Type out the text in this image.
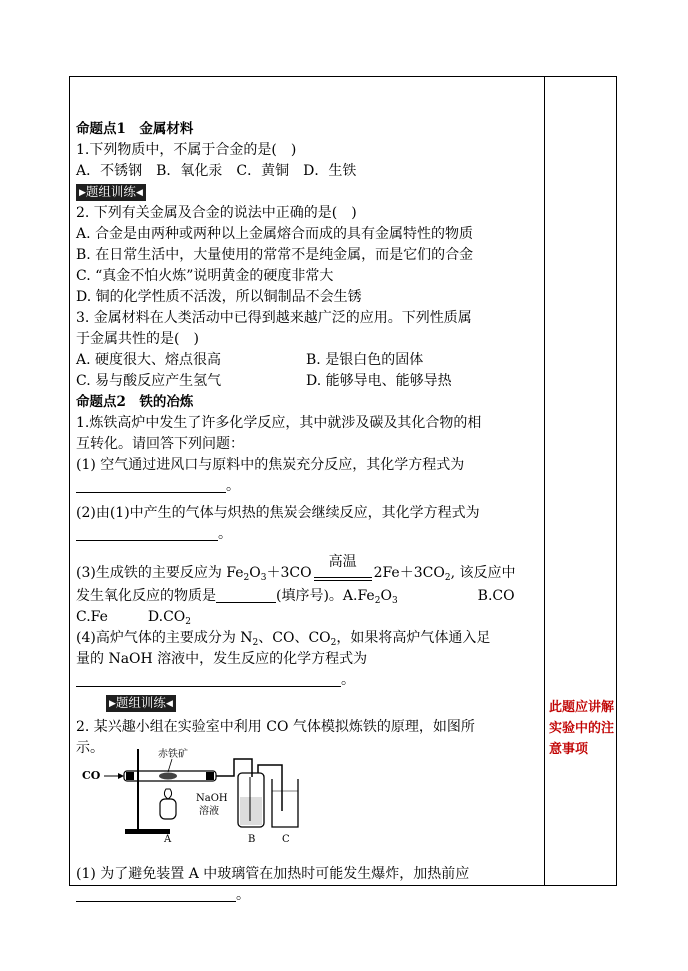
命题点1　金属材料
1.下列物质中，不属于合金的是(　)
A．不锈钢　B．氧化汞　C．黄铜　D．生铁
▶题组训练◀
2. 下列有关金属及合金的说法中正确的是(　)
A. 合金是由两种或两种以上金属熔合而成的具有金属特性的物质
B. 在日常生活中，大量使用的常常不是纯金属，而是它们的合金
C. “真金不怕火炼”说明黄金的硬度非常大
D. 铜的化学性质不活泼，所以铜制品不会生锈
3. 金属材料在人类活动中已得到越来越广泛的应用。下列性质属
于金属共性的是(　)
A. 硬度很大、熔点很高	B. 是银白色的固体
C. 易与酸反应产生氢气	D. 能够导电、能够导热
命题点2　铁的冶炼
1.炼铁高炉中发生了许多化学反应，其中就涉及碳及其化合物的相
互转化。请回答下列问题：
(1) 空气通过进风口与原料中的焦炭充分反应，其化学方程式为
。
(2)由(1)中产生的气体与炽热的焦炭会继续反应，其化学方程式为
。
(3)生成铁的主要反应为 $Fe_2O_3+3CO$
高温
$2Fe+3CO_2$, 该反应中
发生氧化反应的物质是	(填序号)。$A.Fe_2O_3$	B.CO
C.Fe	$D.CO_2$
(4)高炉气体的主要成分为 $N_2$、CO、$CO_2$，如果将高炉气体通入足
量的 NaOH 溶液中，发生反应的化学方程式为
。
▶题组训练◀
2. 某兴趣小组在实验室中利用 CO 气体模拟炼铁的原理，如图所
示。
(1) 为了避免装置 A 中玻璃管在加热时可能发生爆炸，加热前应
。
CO
赤铁矿
NaOH
溶液
A	B	C
此题应讲解实验中的注意事项
